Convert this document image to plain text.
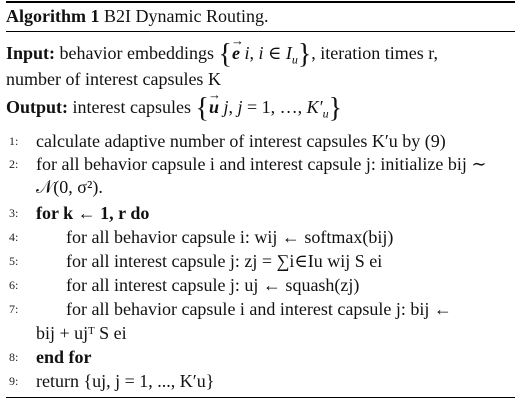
Algorithm 1 B2I Dynamic Routing.
Input: behavior embeddings {→ e i, i ∈ $I_u$}, iteration times r,
number of interest capsules K
Output: interest capsules {→ u j, j = 1, …, $K'_u$}
1: calculate adaptive number of interest capsules K′u by (9)
2: for all behavior capsule i and interest capsule j: initialize bij ∼
𝒩(0, σ²).
3: for k ← 1, r do
4:	for all behavior capsule i: wij ← softmax(bij)
5:	for all interest capsule j: zj = ∑i∈Iu wij S ei
6:	for all interest capsule j: uj ← squash(zj)
7:	for all behavior capsule i and interest capsule j: bij ←
bij + ujᵀ S ei
8: end for
9: return {uj, j = 1, ..., K′u}
